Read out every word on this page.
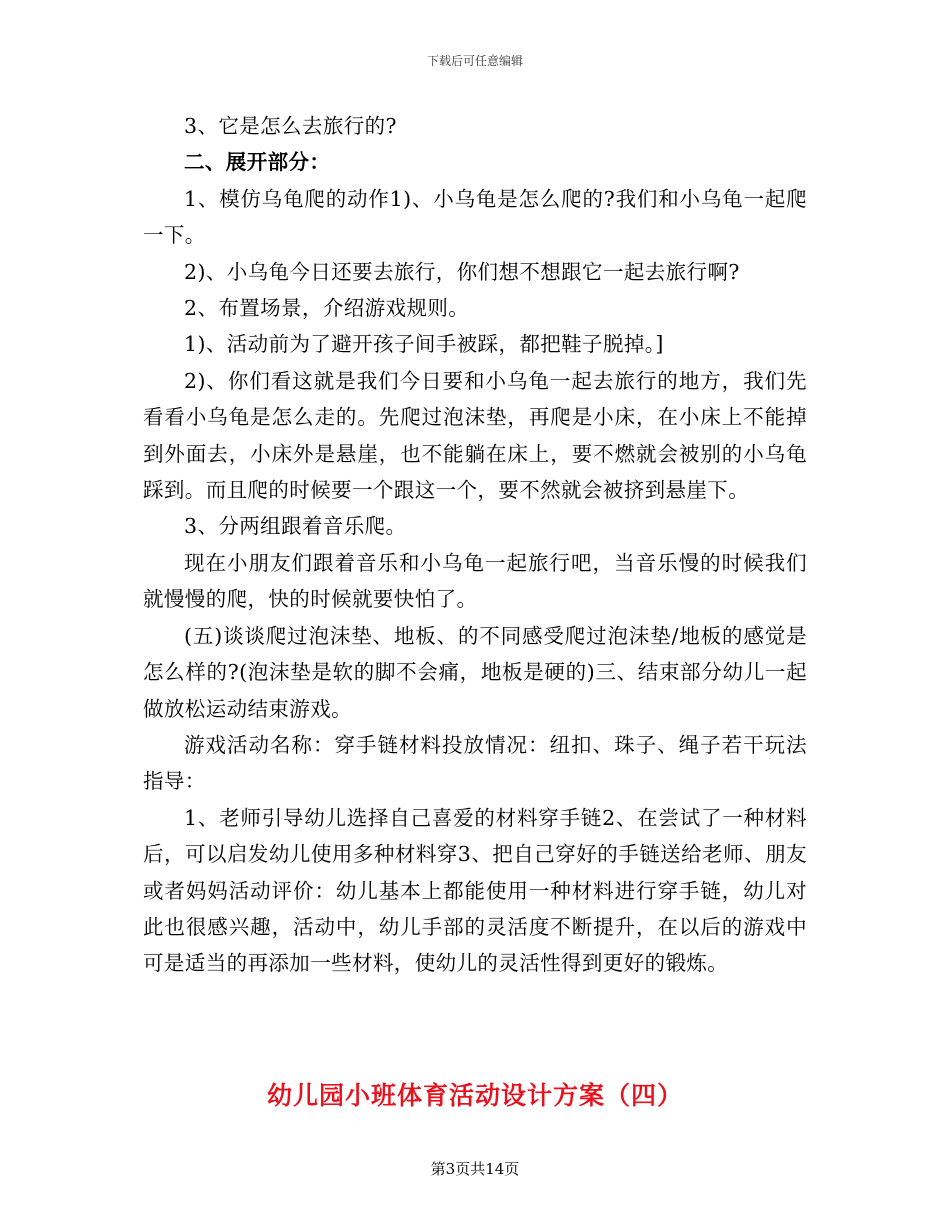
下载后可任意编辑

3、它是怎么去旅行的?

二、展开部分：

1、模仿乌龟爬的动作1)、小乌龟是怎么爬的?我们和小乌龟一起爬一下。

2)、小乌龟今日还要去旅行，你们想不想跟它一起去旅行啊?

2、布置场景，介绍游戏规则。

1)、活动前为了避开孩子间手被踩，都把鞋子脱掉。]

2)、你们看这就是我们今日要和小乌龟一起去旅行的地方，我们先看看小乌龟是怎么走的。先爬过泡沫垫，再爬是小床，在小床上不能掉到外面去，小床外是悬崖，也不能躺在床上，要不燃就会被别的小乌龟踩到。而且爬的时候要一个跟这一个，要不然就会被挤到悬崖下。

3、分两组跟着音乐爬。

现在小朋友们跟着音乐和小乌龟一起旅行吧，当音乐慢的时候我们就慢慢的爬，快的时候就要快怕了。

(五)谈谈爬过泡沫垫、地板、的不同感受爬过泡沫垫/地板的感觉是怎么样的?(泡沫垫是软的脚不会痛，地板是硬的)三、结束部分幼儿一起做放松运动结束游戏。

游戏活动名称：穿手链材料投放情况：纽扣、珠子、绳子若干玩法指导：

1、老师引导幼儿选择自己喜爱的材料穿手链2、在尝试了一种材料后，可以启发幼儿使用多种材料穿3、把自己穿好的手链送给老师、朋友或者妈妈活动评价：幼儿基本上都能使用一种材料进行穿手链，幼儿对此也很感兴趣，活动中，幼儿手部的灵活度不断提升，在以后的游戏中可是适当的再添加一些材料，使幼儿的灵活性得到更好的锻炼。

幼儿园小班体育活动设计方案（四）
第3页共14页
